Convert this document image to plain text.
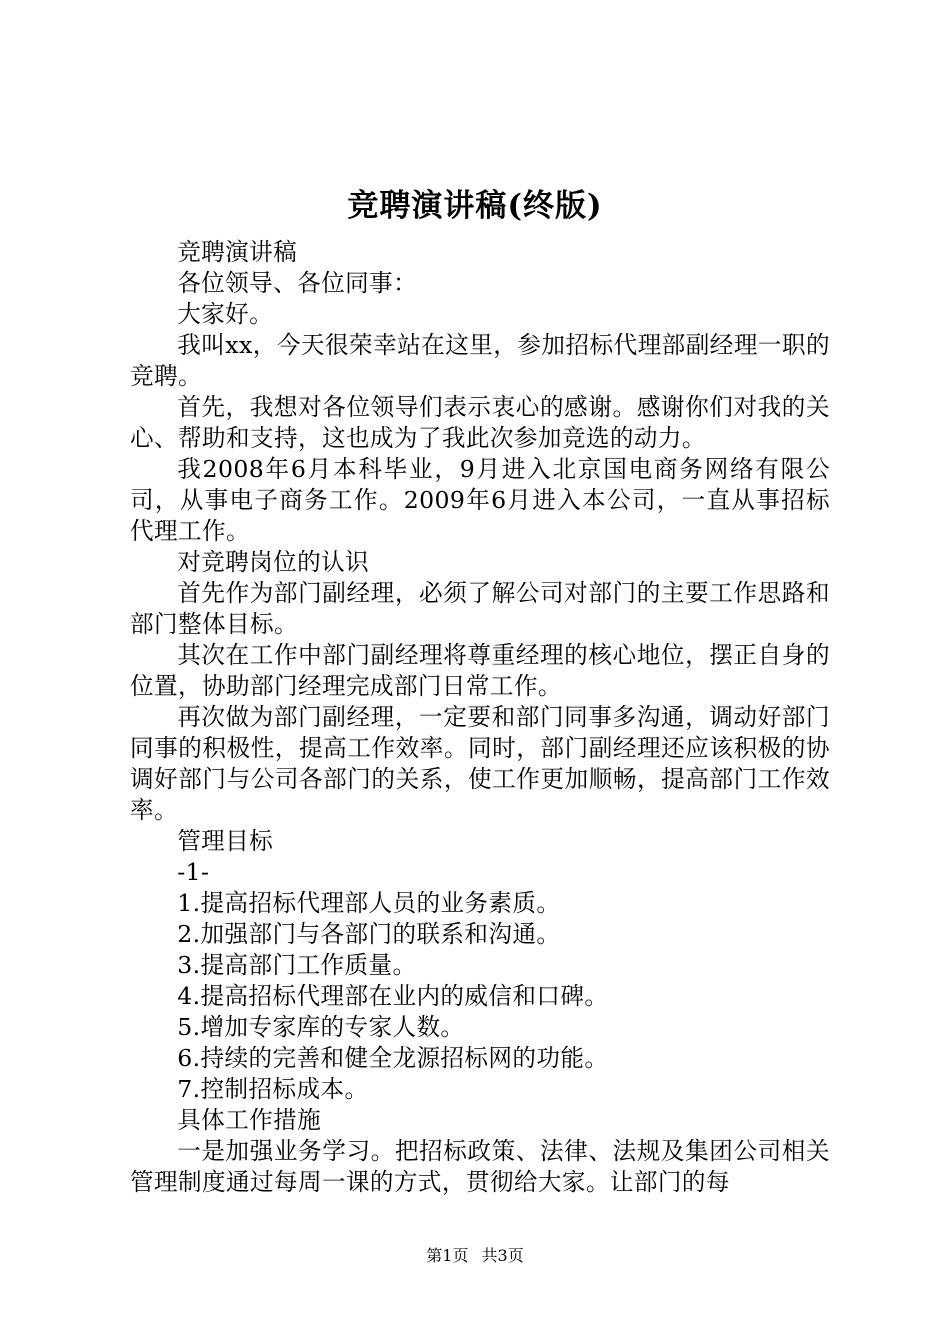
竞聘演讲稿(终版)

竞聘演讲稿

各位领导、各位同事：

大家好。

我叫xx，今天很荣幸站在这里，参加招标代理部副经理一职的竞聘。

首先，我想对各位领导们表示衷心的感谢。感谢你们对我的关心、帮助和支持，这也成为了我此次参加竞选的动力。

我2008年6月本科毕业，9月进入北京国电商务网络有限公司，从事电子商务工作。2009年6月进入本公司，一直从事招标代理工作。

对竞聘岗位的认识

首先作为部门副经理，必须了解公司对部门的主要工作思路和部门整体目标。

其次在工作中部门副经理将尊重经理的核心地位，摆正自身的位置，协助部门经理完成部门日常工作。

再次做为部门副经理，一定要和部门同事多沟通，调动好部门同事的积极性，提高工作效率。同时，部门副经理还应该积极的协调好部门与公司各部门的关系，使工作更加顺畅，提高部门工作效率。

管理目标

-1-

1.提高招标代理部人员的业务素质。

2.加强部门与各部门的联系和沟通。

3.提高部门工作质量。

4.提高招标代理部在业内的威信和口碑。

5.增加专家库的专家人数。

6.持续的完善和健全龙源招标网的功能。

7.控制招标成本。

具体工作措施

一是加强业务学习。把招标政策、法律、法规及集团公司相关管理制度通过每周一课的方式，贯彻给大家。让部门的每

第1页 共3页
